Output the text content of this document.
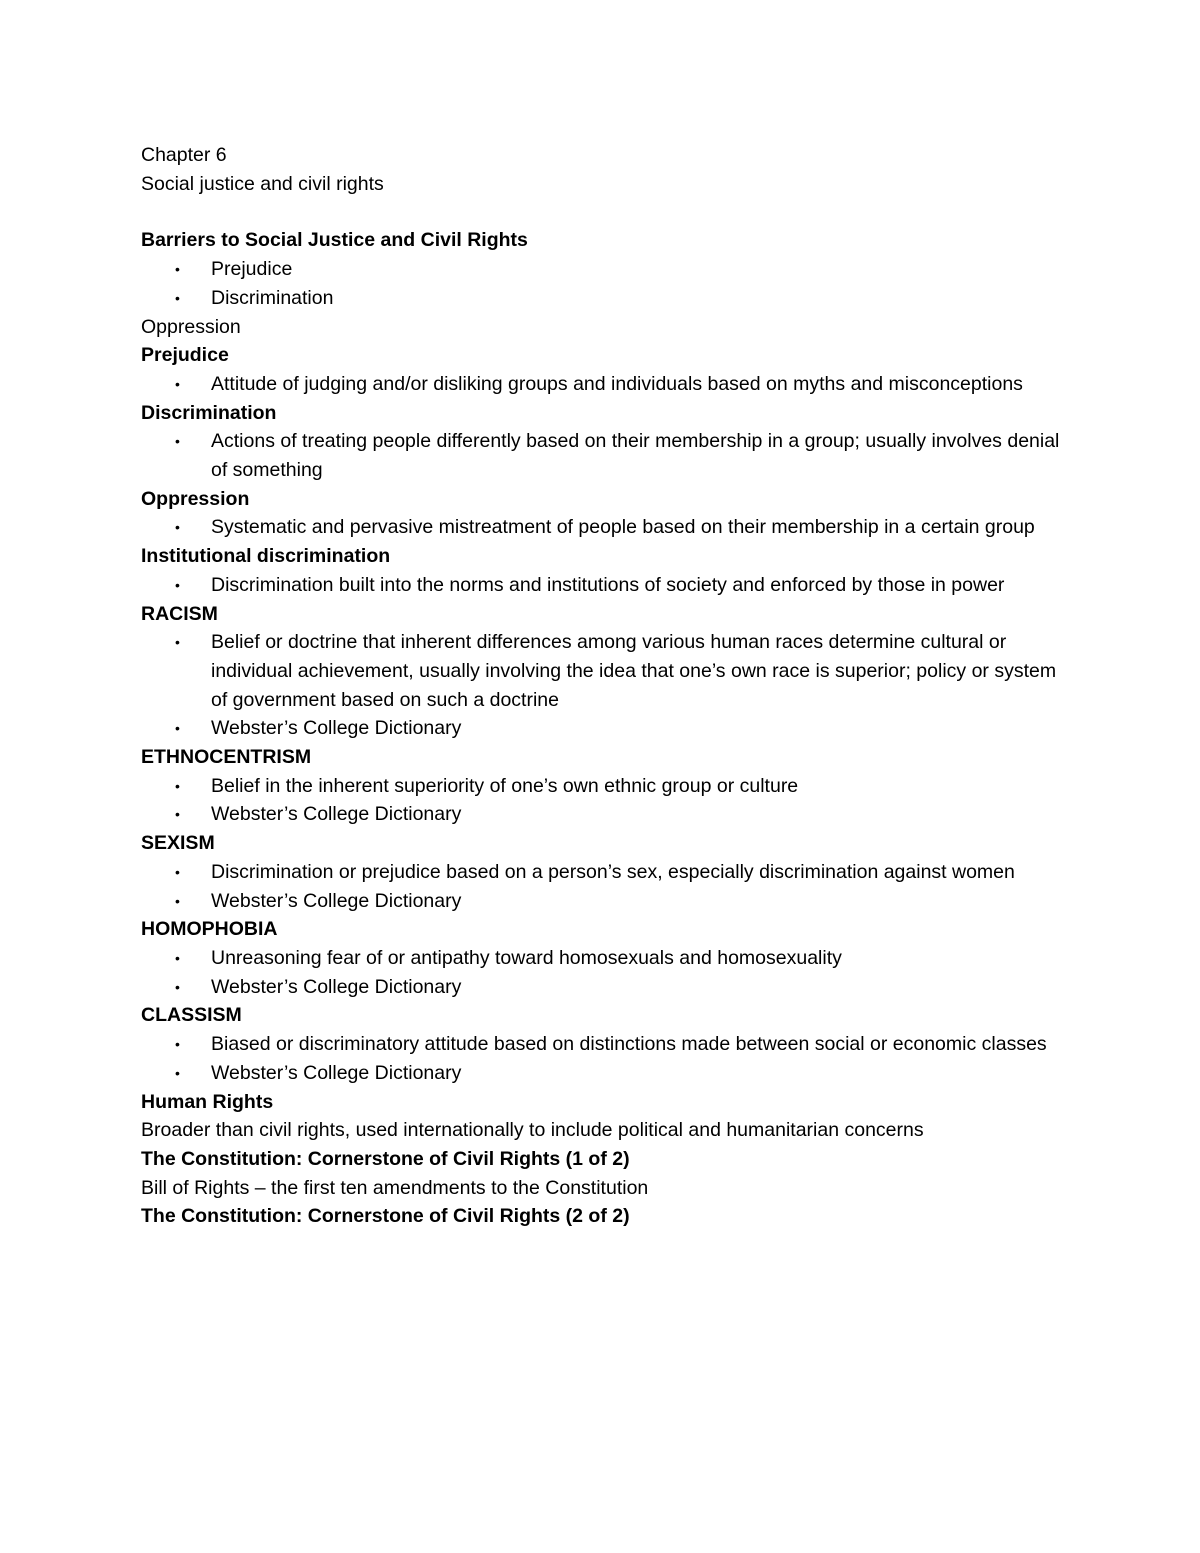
Chapter 6

Social justice and civil rights

Barriers to Social Justice and Civil Rights

• Prejudice
• Discrimination

Oppression

Prejudice

• Attitude of judging and/or disliking groups and individuals based on myths and misconceptions

Discrimination

• Actions of treating people differently based on their membership in a group; usually involves denial of something

Oppression

• Systematic and pervasive mistreatment of people based on their membership in a certain group

Institutional discrimination

• Discrimination built into the norms and institutions of society and enforced by those in power

RACISM

• Belief or doctrine that inherent differences among various human races determine cultural or individual achievement, usually involving the idea that one’s own race is superior; policy or system of government based on such a doctrine
• Webster’s College Dictionary

ETHNOCENTRISM

• Belief in the inherent superiority of one’s own ethnic group or culture
• Webster’s College Dictionary

SEXISM

• Discrimination or prejudice based on a person’s sex, especially discrimination against women
• Webster’s College Dictionary

HOMOPHOBIA

• Unreasoning fear of or antipathy toward homosexuals and homosexuality
• Webster’s College Dictionary

CLASSISM

• Biased or discriminatory attitude based on distinctions made between social or economic classes
• Webster’s College Dictionary

Human Rights

Broader than civil rights, used internationally to include political and humanitarian concerns

The Constitution: Cornerstone of Civil Rights (1 of 2)

Bill of Rights – the first ten amendments to the Constitution

The Constitution: Cornerstone of Civil Rights (2 of 2)
